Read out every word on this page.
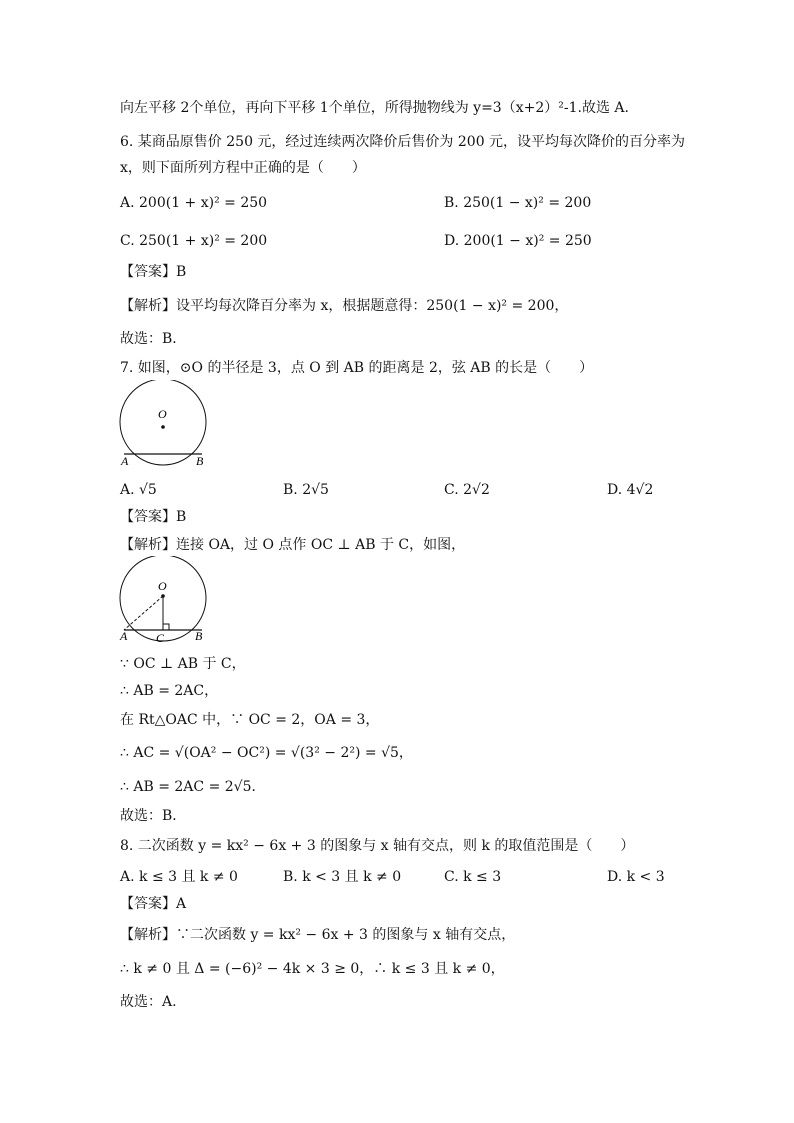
向左平移 2个单位，再向下平移 1个单位，所得抛物线为 y=3（x+2）²-1.故选 A.
6. 某商品原售价 250 元，经过连续两次降价后售价为 200 元，设平均每次降价的百分率为
x，则下面所列方程中正确的是（　　）
A. 200(1 + x)² = 250	B. 250(1 − x)² = 200
C. 250(1 + x)² = 200	D. 200(1 − x)² = 250
【答案】B
【解析】设平均每次降百分率为 x，根据题意得：250(1 − x)² = 200，
故选：B．
7. 如图，⊙O 的半径是 3，点 O 到 AB 的距离是 2，弦 AB 的长是（　　）
O
A	B
A. √5	B. 2√5	C. 2√2	D. 4√2
【答案】B
【解析】连接 OA，过 O 点作 OC ⊥ AB 于 C，如图，
O
A C	B
∵ OC ⊥ AB 于 C，
∴ AB = 2AC，
在 Rt△OAC 中，∵ OC = 2，OA = 3，
∴ AC = √(OA² − OC²) = √(3² − 2²) = √5，
∴ AB = 2AC = 2√5．
故选：B．
8. 二次函数 y = kx² − 6x + 3 的图象与 x 轴有交点，则 k 的取值范围是（　　）
A. k ≤ 3 且 k ≠ 0	B. k < 3 且 k ≠ 0	C. k ≤ 3	D. k < 3
【答案】A
【解析】∵二次函数 y = kx² − 6x + 3 的图象与 x 轴有交点，
∴ k ≠ 0 且 Δ = (−6)² − 4k × 3 ≥ 0，∴ k ≤ 3 且 k ≠ 0，
故选：A.
